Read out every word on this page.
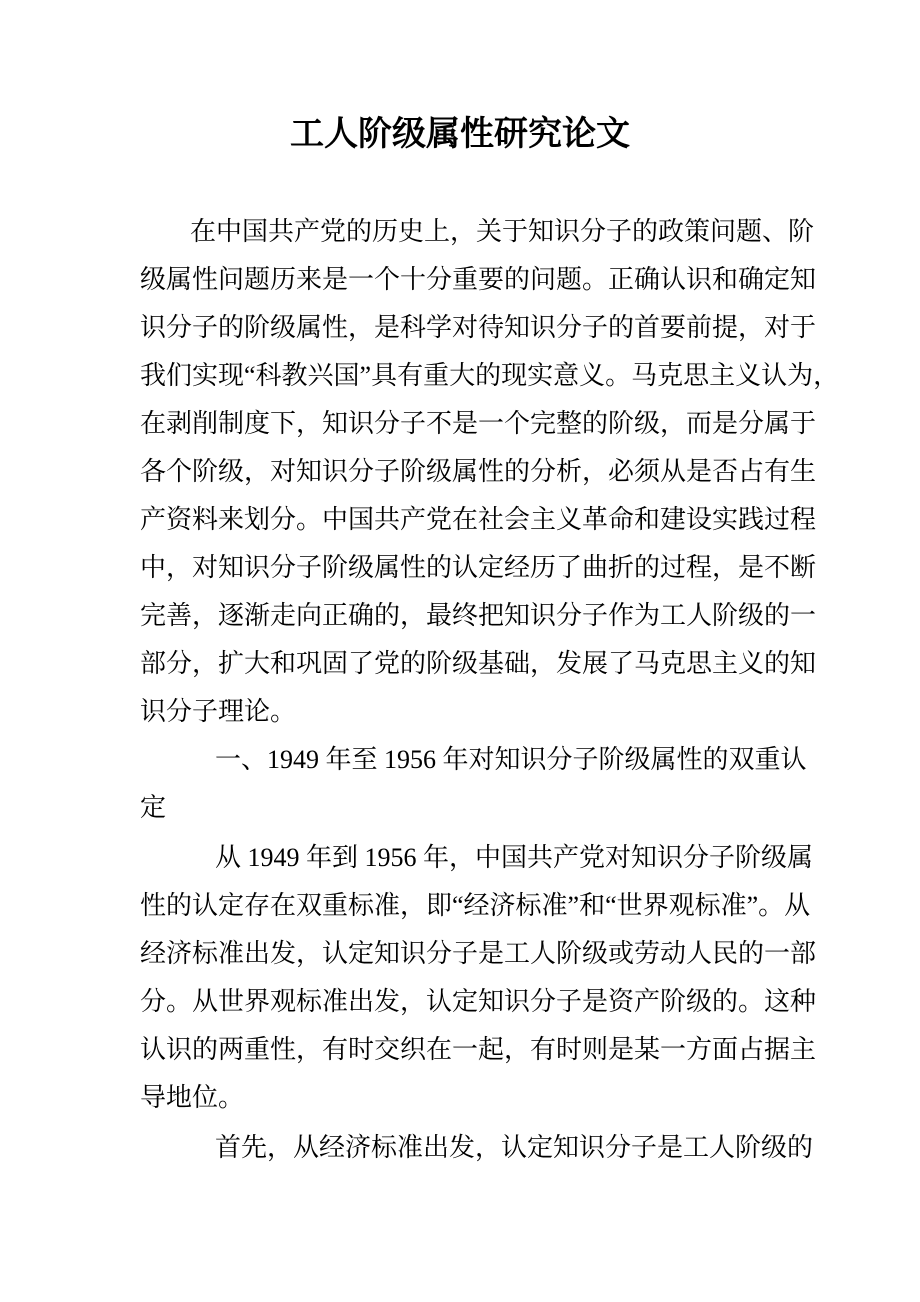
工人阶级属性研究论文
在中国共产党的历史上，关于知识分子的政策问题、阶
级属性问题历来是一个十分重要的问题。正确认识和确定知
识分子的阶级属性，是科学对待知识分子的首要前提，对于
我们实现“科教兴国”具有重大的现实意义。马克思主义认为，
在剥削制度下，知识分子不是一个完整的阶级，而是分属于
各个阶级，对知识分子阶级属性的分析，必须从是否占有生
产资料来划分。中国共产党在社会主义革命和建设实践过程
中，对知识分子阶级属性的认定经历了曲折的过程，是不断
完善，逐渐走向正确的，最终把知识分子作为工人阶级的一
部分，扩大和巩固了党的阶级基础，发展了马克思主义的知
识分子理论。
一、1949 年至 1956 年对知识分子阶级属性的双重认
定
从 1949 年到 1956 年，中国共产党对知识分子阶级属
性的认定存在双重标准，即“经济标准”和“世界观标准”。从
经济标准出发，认定知识分子是工人阶级或劳动人民的一部
分。从世界观标准出发，认定知识分子是资产阶级的。这种
认识的两重性，有时交织在一起，有时则是某一方面占据主
导地位。
首先，从经济标准出发，认定知识分子是工人阶级的
